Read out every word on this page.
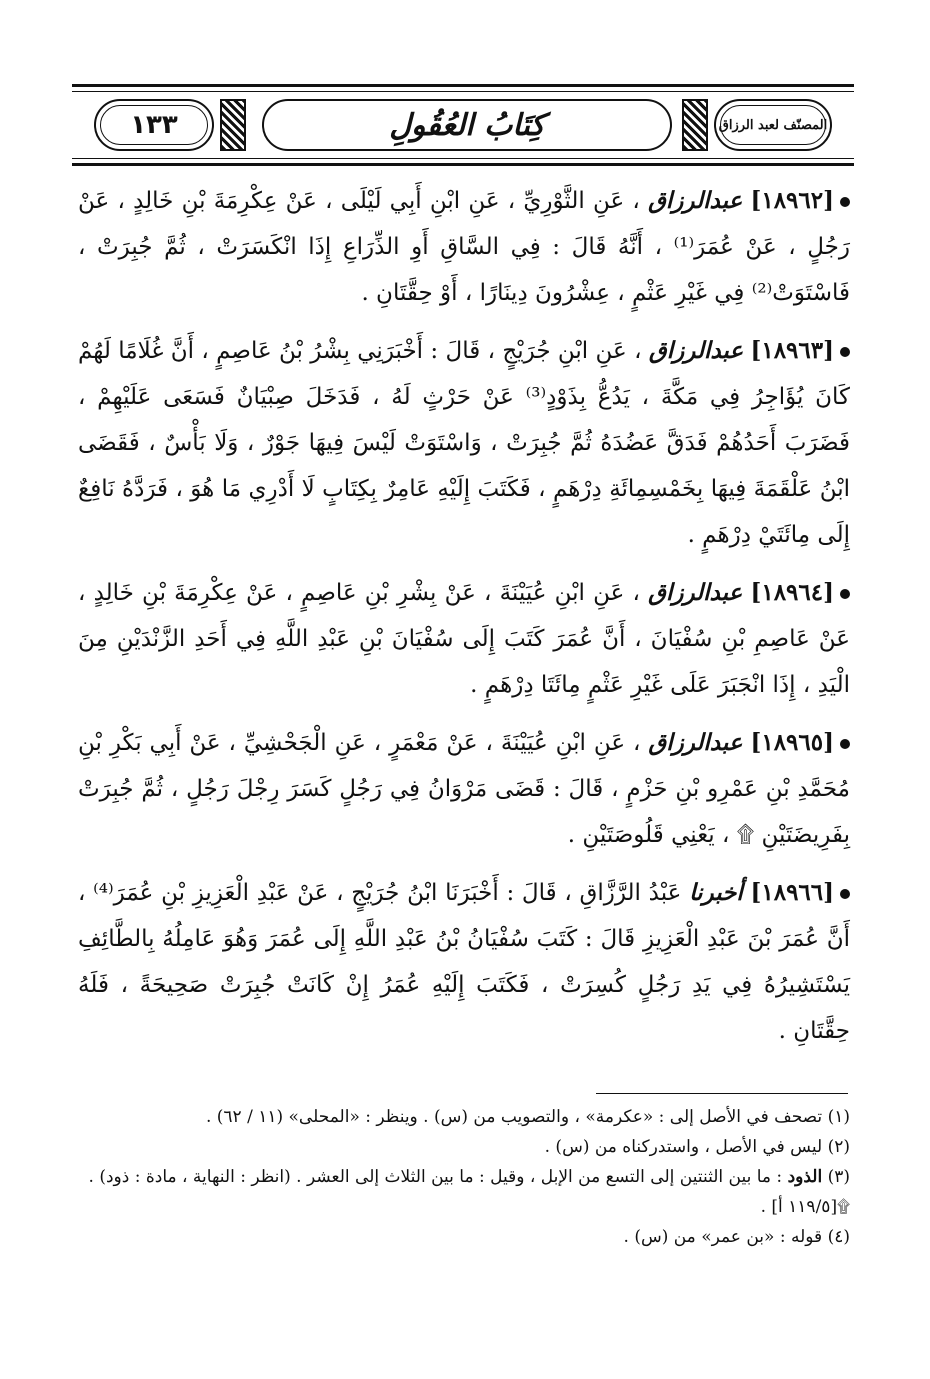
١٣٣	كِتَابُ العُقُولِ	المصنّف لعبد الرزاق

[١٨٩٦٢] عبدالرزاق ، عَنِ الثَّوْرِيِّ ، عَنِ ابْنِ أَبِي لَيْلَى ، عَنْ عِكْرِمَةَ بْنِ خَالِدٍ ، عَنْ رَجُلٍ ، عَنْ عُمَرَ⁽¹⁾ ، أَنَّهُ قَالَ : فِي السَّاقِ أَوِ الذِّرَاعِ إِذَا انْكَسَرَتْ ، ثُمَّ جُبِرَتْ ، فَاسْتَوَتْ⁽²⁾ فِي غَيْرِ عَثْمٍ ، عِشْرُونَ دِينَارًا ، أَوْ حِقَّتَانِ .

[١٨٩٦٣] عبدالرزاق ، عَنِ ابْنِ جُرَيْجٍ ، قَالَ : أَخْبَرَنِي بِشْرُ بْنُ عَاصِمٍ ، أَنَّ غُلَامًا لَهُمْ كَانَ يُؤَاجِرُ فِي مَكَّةَ ، يَدُعُّ بِذَوْدٍ⁽³⁾ عَنْ حَرْثٍ لَهُ ، فَدَخَلَ صِبْيَانٌ فَسَعَى عَلَيْهِمْ ، فَضَرَبَ أَحَدُهُمْ فَدَقَّ عَضُدَهُ ثُمَّ جُبِرَتْ ، وَاسْتَوَتْ لَيْسَ فِيهَا جَوْرٌ ، وَلَا بَأْسٌ ، فَقَضَى ابْنُ عَلْقَمَةَ فِيهَا بِخَمْسِمِائَةِ دِرْهَمٍ ، فَكَتَبَ إِلَيْهِ عَامِرٌ بِكِتَابٍ لَا أَدْرِي مَا هُوَ ، فَرَدَّهُ نَافِعٌ إِلَى مِائَتَيْ دِرْهَمٍ .

[١٨٩٦٤] عبدالرزاق ، عَنِ ابْنِ عُيَيْنَةَ ، عَنْ بِشْرِ بْنِ عَاصِمٍ ، عَنْ عِكْرِمَةَ بْنِ خَالِدٍ ، عَنْ عَاصِمِ بْنِ سُفْيَانَ ، أَنَّ عُمَرَ كَتَبَ إِلَى سُفْيَانَ بْنِ عَبْدِ اللَّهِ فِي أَحَدِ الزَّنْدَيْنِ مِنَ الْيَدِ ، إِذَا انْجَبَرَ عَلَى غَيْرِ عَثْمٍ مِائَتَا دِرْهَمٍ .

[١٨٩٦٥] عبدالرزاق ، عَنِ ابْنِ عُيَيْنَةَ ، عَنْ مَعْمَرٍ ، عَنِ الْجَحْشِيِّ ، عَنْ أَبِي بَكْرِ بْنِ مُحَمَّدِ بْنِ عَمْرِو بْنِ حَزْمٍ ، قَالَ : قَضَى مَرْوَانُ فِي رَجُلٍ كَسَرَ رِجْلَ رَجُلٍ ، ثُمَّ جُبِرَتْ بِفَرِيضَتَيْنِ ۩ ، يَعْنِي قَلُوصَتَيْنِ .

[١٨٩٦٦] أخبرنا عَبْدُ الرَّزَّاقِ ، قَالَ : أَخْبَرَنَا ابْنُ جُرَيْجٍ ، عَنْ عَبْدِ الْعَزِيزِ بْنِ عُمَرَ⁽⁴⁾ ، أَنَّ عُمَرَ بْنَ عَبْدِ الْعَزِيزِ قَالَ : كَتَبَ سُفْيَانُ بْنُ عَبْدِ اللَّهِ إِلَى عُمَرَ وَهُوَ عَامِلُهُ بِالطَّائِفِ يَسْتَشِيرُهُ فِي يَدِ رَجُلٍ كُسِرَتْ ، فَكَتَبَ إِلَيْهِ عُمَرُ إِنْ كَانَتْ جُبِرَتْ صَحِيحَةً ، فَلَهُ حِقَّتَانِ .

(١) تصحف في الأصل إلى : «عكرمة» ، والتصويب من (س) . وينظر : «المحلى» (١١ / ٦٢) .

(٢) ليس في الأصل ، واستدركناه من (س) .

(٣) الذود : ما بين الثنتين إلى التسع من الإبل ، وقيل : ما بين الثلاث إلى العشر . (انظر : النهاية ، مادة : ذود) .

۩[١١٩/٥ أ] .

(٤) قوله : «بن عمر» من (س) .
